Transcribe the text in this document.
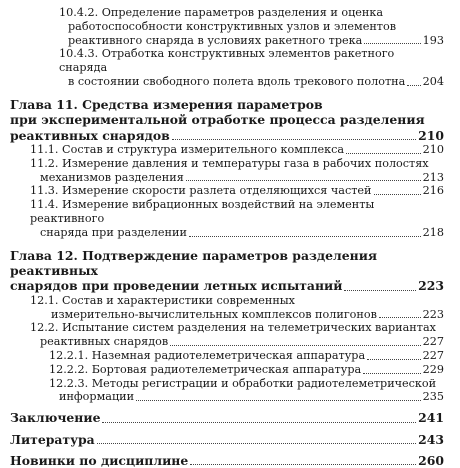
10.4.2. Определение параметров разделения и оценка
работоспособности конструктивных узлов и элементов
реактивного снаряда в условиях ракетного трека	193
10.4.3. Отработка конструктивных элементов ракетного снаряда
в состоянии свободного полета вдоль трекового полотна 204
Глава 11. Средства измерения параметров
при экспериментальной отработке процесса разделения
реактивных снарядов	210
11.1. Состав и структура измерительного комплекса	210
11.2. Измерение давления и температуры газа в рабочих полостях
механизмов разделения	213
11.3. Измерение скорости разлета отделяющихся частей	216
11.4. Измерение вибрационных воздействий на элементы реактивного
снаряда при разделении	218
Глава 12. Подтверждение параметров разделения реактивных
снарядов при проведении летных испытаний	223
12.1. Состав и характеристики современных
измерительно-вычислительных комплексов полигонов	223
12.2. Испытание систем разделения на телеметрических вариантах
реактивных снарядов	227
12.2.1. Наземная радиотелеметрическая аппаратура	227
12.2.2. Бортовая радиотелеметрическая аппаратура	229
12.2.3. Методы регистрации и обработки радиотелеметрической
информации	235
Заключение	241
Литература	243
Новинки по дисциплине	260
